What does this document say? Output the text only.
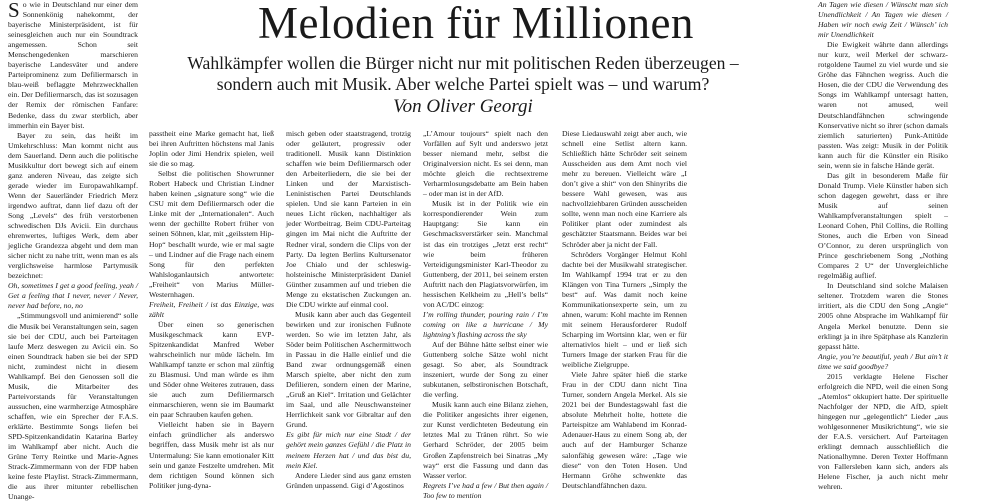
So wie in Deutschland nur einer dem Sonnenkönig nahekommt, der bayerische Ministerpräsident, ist für seinesgleichen auch nur ein Soundtrack angemessen. Schon seit Menschengedenken marschieren bayerische Landesväter und andere Parteiprominenz zum Defiliermarsch in blau-weiß beflaggte Mehrzweckhallen ein. Der Defiliermarsch, das ist sozusagen der Remix der römischen Fanfare: Bedenke, dass du zwar sterblich, aber immerhin ein Bayer bist.

Bayer zu sein, das heißt im Umkehrschluss: Man kommt nicht aus dem Sauerland. Denn auch die politische Musikkultur dort bewegt sich auf einem ganz anderen Niveau, das zeigte sich gerade wieder im Europawahlkampf. Wenn der Sauerländer Friedrich Merz irgendwo auftrat, dann lief dazu oft der Song „Levels“ des früh verstorbenen schwedischen DJs Avicii. Ein durchaus ehrenwertes, luftiges Werk, dem aber jegliche Grandezza abgeht und dem man sicher nicht zu nahe tritt, wenn man es als verglichsweise harmlose Partymusik bezeichnet:

Oh, sometimes I get a good feeling, yeah / Get a feeling that I never, never / Never, never had before, no, no

„Stimmungsvoll und animierend“ solle die Musik bei Veranstaltungen sein, sagen sie bei der CDU, auch bei Parteitagen laufe Merz deswegen zu Avicii ein. So einen Soundtrack haben sie bei der SPD nicht, zumindest nicht in diesem Wahlkampf. Bei den Genossen soll die Musik, die Mitarbeiter des Parteivorstands für Veranstaltungen aussuchen, eine warmherzige Atmosphäre schaffen, wie ein Sprecher der F.A.S. erklärte. Bestimmte Songs liefen bei SPD-Spitzenkandidatin Katarina Barley im Wahlkampf aber nicht. Auch die Grüne Terry Reintke und Marie-Agnes Strack-Zimmermann von der FDP haben keine feste Playlist. Strack-Zimmermann, die aus ihrer mitunter rebellischen Unange-

Melodien für Millionen
Wahlkämpfer wollen die Bürger nicht nur mit politischen Reden überzeugen – sondern auch mit Musik. Aber welche Partei spielt was – und warum?
Von Oliver Georgi

passtheit eine Marke gemacht hat, ließ bei ihren Auftritten höchstens mal Janis Joplin oder Jimi Hendrix spielen, weil sie die so mag.

Selbst die politischen Showrunner Robert Habeck und Christian Lindner haben keinen „signature song“ wie die CSU mit dem Defiliermarsch oder die Linke mit der „Internationalen“. Auch wenn der gechillte Robert früher von seinen Söhnen, klar, mit „geilsstem Hip-Hop“ beschallt wurde, wie er mal sagte – und Lindner auf die Frage nach einem Song für den perfekten Wahlsloganlautsich antwortete: „Freiheit“ von Marius Müller-Westernhagen.

Freiheit, Freiheit / ist das Einzige, was zählt

Über einen so generischen Musikgeschmack kann EVP-Spitzenkandidat Manfred Weber wahrscheinlich nur müde lächeln. Im Wahlkampf tanzte er schon mal zünftig zu Blasmusi. Und man würde es ihm und Söder ohne Weiteres zutrauen, dass sie auch zum Defiliermarsch einmarschieren, wenn sie im Baumarkt ein paar Schrauben kaufen gehen.

Vielleicht haben sie in Bayern einfach gründlicher als anderswo begriffen, dass Musik mehr ist als nur Untermalung: Sie kann emotionaler Kitt sein und ganze Festzelte umdrehen. Mit dem richtigen Sound können sich Politiker jung-dyna-

misch geben oder staatstragend, trotzig oder geläutert, progressiv oder traditionell. Musik kann Distinktion schaffen wie beim Defiliermarsch oder den Arbeiterliedern, die sie bei der Linken und der Marxistisch-Leninistischen Partei Deutschlands spielen. Und sie kann Parteien in ein neues Licht rücken, nachhaltiger als jeder Wortbeitrag. Beim CDU-Parteitag gingen im Mai nicht die Auftritte der Redner viral, sondern die Clips von der Party. Da legten Berlins Kultursenator Joe Chialo und der schleswig-holsteinische Ministerpräsident Daniel Günther zusammen auf und trieben die Menge zu ekstatischen Zuckungen an. Die CDU wirkte auf einmal cool.

Musik kann aber auch das Gegenteil bewirken und zur ironischen Fußnote werden. So wie im letzten Jahr, als Söder beim Politischen Aschermittwoch in Passau in die Halle einlief und die Band zwar ordnungsgemäß einen Marsch spielte, aber nicht den zum Defilieren, sondern einen der Marine, „Gruß an Kiel“. Irritation und Gelächter im Saal, und alle Neuschwansteiner Herrlichkeit sank vor Gibraltar auf den Grund.

Es gibt für mich nur eine Stadt / der gehört mein ganzes Gefühl / die Platz in meinem Herzen hat / und das bist du, mein Kiel.

Andere Lieder sind aus ganz ernsten Gründen unpassend. Gigi d’Agostinos

„L’Amour toujours“ spielt nach den Vorfällen auf Sylt und anderswo jetzt besser niemand mehr, selbst die Originalversion nicht. Es sei denn, man möchte gleich die rechtsextreme Verharmlosungsdebatte am Bein haben – oder man ist in der AfD.

Musik ist in der Politik wie ein korrespondierender Wein zum Hauptgang: Sie kann ein Geschmacksverstärker sein. Manchmal ist das ein trotziges „Jetzt erst recht“ wie beim früheren Verteidigungsminister Karl-Theodor zu Guttenberg, der 2011, bei seinem ersten Auftritt nach den Plagiatsvorwürfen, im hessischen Kelkheim zu „Hell’s bells“ von AC/DC einzog:

I’m rolling thunder, pouring rain / I’m coming on like a hurricane / My lightning’s flashing across the sky

Auf der Bühne hätte selbst einer wie Guttenberg solche Sätze wohl nicht gesagt. So aber, als Soundtrack inszeniert, wurde der Song zu einer subkutanen, selbstironischen Botschaft, die verfing.

Musik kann auch eine Bilanz ziehen, die Politiker angesichts ihrer eigenen, zur Kunst verdichteten Bedeutung ein letztes Mal zu Tränen rührt. So wie Gerhard Schröder, der 2005 beim Großen Zapfenstreich bei Sinatras „My way“ erst die Fassung und dann das Wasser verlor.

Regrets I’ve had a few / But then again / Too few to mention

Diese Liedauswahl zeigt aber auch, wie schnell eine Setlist altern kann. Schließlich hätte Schröder seit seinem Ausscheiden aus dem Amt noch viel mehr zu bereuen. Vielleicht wäre „I don’t give a shit“ von den Shinyribs die bessere Wahl gewesen, was aus nachvollziehbaren Gründen ausscheiden sollte, wenn man noch eine Karriere als Politiker plant oder zumindest als geschätzter Staatsmann. Beides war bei Schröder aber ja nicht der Fall.

Schröders Vorgänger Helmut Kohl dachte bei der Musikwahl strategischer. Im Wahlkampf 1994 trat er zu den Klängen von Tina Turners „Simply the best“ auf. Was damit noch keine Kommunikationsexperte sein, um zu ahnen, warum: Kohl machte im Rennen mit seinem Herausforderer Rudolf Scharping im Wortsinn klar, wen er für alternativlos hielt – und er ließ sich Turners Image der starken Frau für die weibliche Zielgruppe.

Viele Jahre später hieß die starke Frau in der CDU dann nicht Tina Turner, sondern Angela Merkel. Als sie 2021 bei der Bundestagswahl fast die absolute Mehrheit holte, hottete die Parteispitze am Wahlabend im Konrad-Adenauer-Haus zu einem Song ab, der auch auf der Hamburger Schanze salonfähig gewesen wäre: „Tage wie diese“ von den Toten Hosen. Und Hermann Gröhe schwenkte das Deutschlandfähnchen dazu.

An Tagen wie diesen / Wünscht man sich Unendlichkeit / An Tagen wie diesen / Haben wir noch ewig Zeit / Wünsch’ ich mir Unendlichkeit

Die Ewigkeit währte dann allerdings nur kurz, weil Merkel der schwarz-rotgoldene Taumel zu viel wurde und sie Gröhe das Fähnchen wegriss. Auch die Hosen, die der CDU die Verwendung des Songs im Wahlkampf untersagt hatten, waren not amused, weil Deutschlandfähnchen schwingende Konservative nicht so ihrer (schon damals ziemlich saturierten) Punk-Attitüde passten. Was zeigt: Musik in der Politik kann auch für die Künstler ein Risiko sein, wenn sie in falsche Hände gerät.

Das gilt in besonderem Maße für Donald Trump. Viele Künstler haben sich schon dagegen gewehrt, dass er ihre Musik auf seinen Wahlkampfveranstaltungen spielt – Leonard Cohen, Phil Collins, die Rolling Stones, auch die Erben von Sinead O’Connor, zu deren ursprünglich von Prince geschriebenem Song „Nothing Compares 2 U“ der Unvergleichliche regelmäßig auflief.

In Deutschland sind solche Malaisen seltener. Trotzdem waren die Stones irritiert, als die CDU den Song „Angie“ 2005 ohne Absprache im Wahlkampf für Angela Merkel benutzte. Denn sie erklingt ja in ihre Spätphase als Kanzlerin gepasst hätte.

Angie, you’re beautiful, yeah / But ain’t it time we said goodbye?

2015 verklagte Helene Fischer erfolgreich die NPD, weil die einen Song „Atemlos“ okkupiert hatte. Der spirituelle Nachfolger der NPD, die AfD, spielt hingegen nur „gelegentlich“ Lieder „aus wohlgesonnener Musikrichtung“, wie sie der F.A.S. versichert. Auf Parteitagen erklingt demnach ausschließlich die Nationalhymne. Deren Texter Hoffmann von Fallersleben kann sich, anders als Helene Fischer, ja auch nicht mehr wehren.
